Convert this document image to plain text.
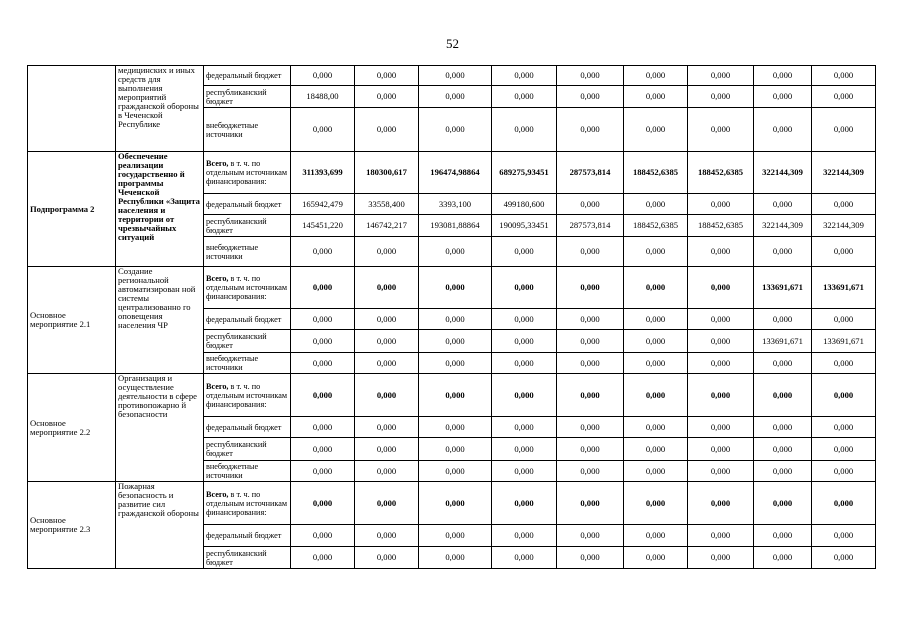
52
	медицинских и иных средств для выполнения мероприятий гражданской обороны в Чеченской Республике	федеральный бюджет	0,000	0,000	0,000	0,000	0,000	0,000	0,000	0,000	0,000
		республиканский бюджет	18488,00	0,000	0,000	0,000	0,000	0,000	0,000	0,000	0,000
		внебюджетные источники	0,000	0,000	0,000	0,000	0,000	0,000	0,000	0,000	0,000
Подпрограмма 2	Обеспечение реализации государственно й программы Чеченской Республики «Защита населения и территории от чрезвычайных ситуаций	Всего, в т. ч. по отдельным источникам финансирования:	311393,699	180300,617	196474,98864	689275,93451	287573,814	188452,6385	188452,6385	322144,309	322144,309
		федеральный бюджет	165942,479	33558,400	3393,100	499180,600	0,000	0,000	0,000	0,000	0,000
		республиканский бюджет	145451,220	146742,217	193081,88864	190095,33451	287573,814	188452,6385	188452,6385	322144,309	322144,309
		внебюджетные источники	0,000	0,000	0,000	0,000	0,000	0,000	0,000	0,000	0,000
Основное мероприятие 2.1	Создание региональной автоматизирован ной системы централизованно го оповещения населения ЧР	Всего, в т. ч. по отдельным источникам финансирования:	0,000	0,000	0,000	0,000	0,000	0,000	0,000	133691,671	133691,671
		федеральный бюджет	0,000	0,000	0,000	0,000	0,000	0,000	0,000	0,000	0,000
		республиканский бюджет	0,000	0,000	0,000	0,000	0,000	0,000	0,000	133691,671	133691,671
		внебюджетные источники	0,000	0,000	0,000	0,000	0,000	0,000	0,000	0,000	0,000
Основное мероприятие 2.2	Организация и осуществление деятельности в сфере противопожарно й безопасности	Всего, в т. ч. по отдельным источникам финансирования:	0,000	0,000	0,000	0,000	0,000	0,000	0,000	0,000	0,000
		федеральный бюджет	0,000	0,000	0,000	0,000	0,000	0,000	0,000	0,000	0,000
		республиканский бюджет	0,000	0,000	0,000	0,000	0,000	0,000	0,000	0,000	0,000
		внебюджетные источники	0,000	0,000	0,000	0,000	0,000	0,000	0,000	0,000	0,000
Основное мероприятие 2.3	Пожарная безопасность и развитие сил гражданской обороны	Всего, в т. ч. по отдельным источникам финансирования:	0,000	0,000	0,000	0,000	0,000	0,000	0,000	0,000	0,000
		федеральный бюджет	0,000	0,000	0,000	0,000	0,000	0,000	0,000	0,000	0,000
		республиканский бюджет	0,000	0,000	0,000	0,000	0,000	0,000	0,000	0,000	0,000
